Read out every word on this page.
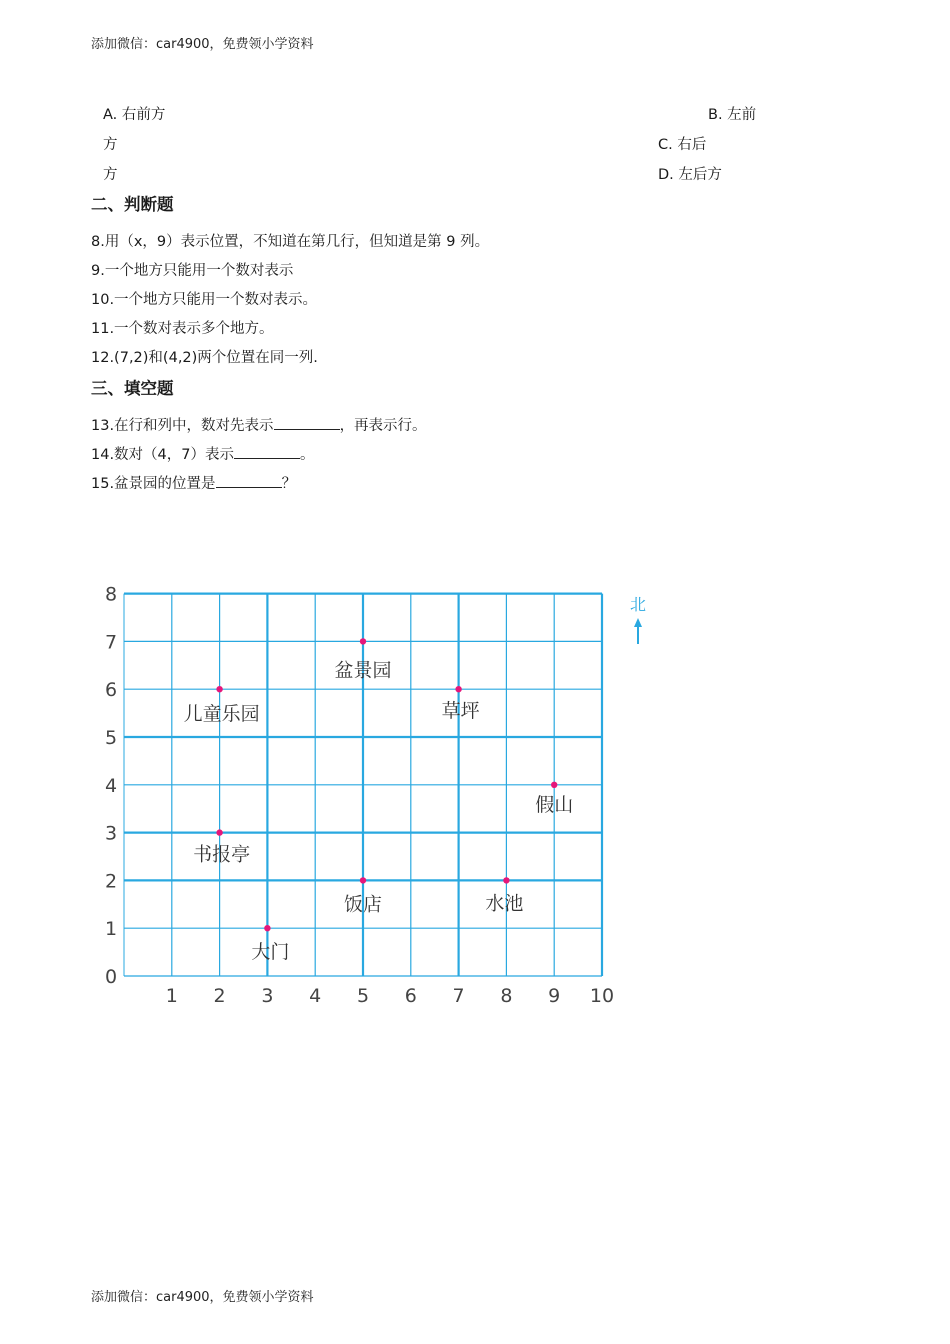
添加微信：car4900，免费领小学资料
A. 右前方	B. 左前
方	C. 右后
方	D. 左后方
二、判断题
8.用（x，9）表示位置，不知道在第几行，但知道是第 9 列。
9.一个地方只能用一个数对表示
10.一个地方只能用一个数对表示。
11.一个数对表示多个地方。
12.(7,2)和(4,2)两个位置在同一列.
三、填空题
13.在行和列中，数对先表示	，再表示行。
14.数对（4，7）表示	。
15.盆景园的位置是	？
1 2 3 4 5 6 7 8 9 10
0
1
2
3
4
5
6
7
8
盆景园
儿童乐园	草坪
假山
书报亭
饭店	水池
大门
北
添加微信：car4900，免费领小学资料
